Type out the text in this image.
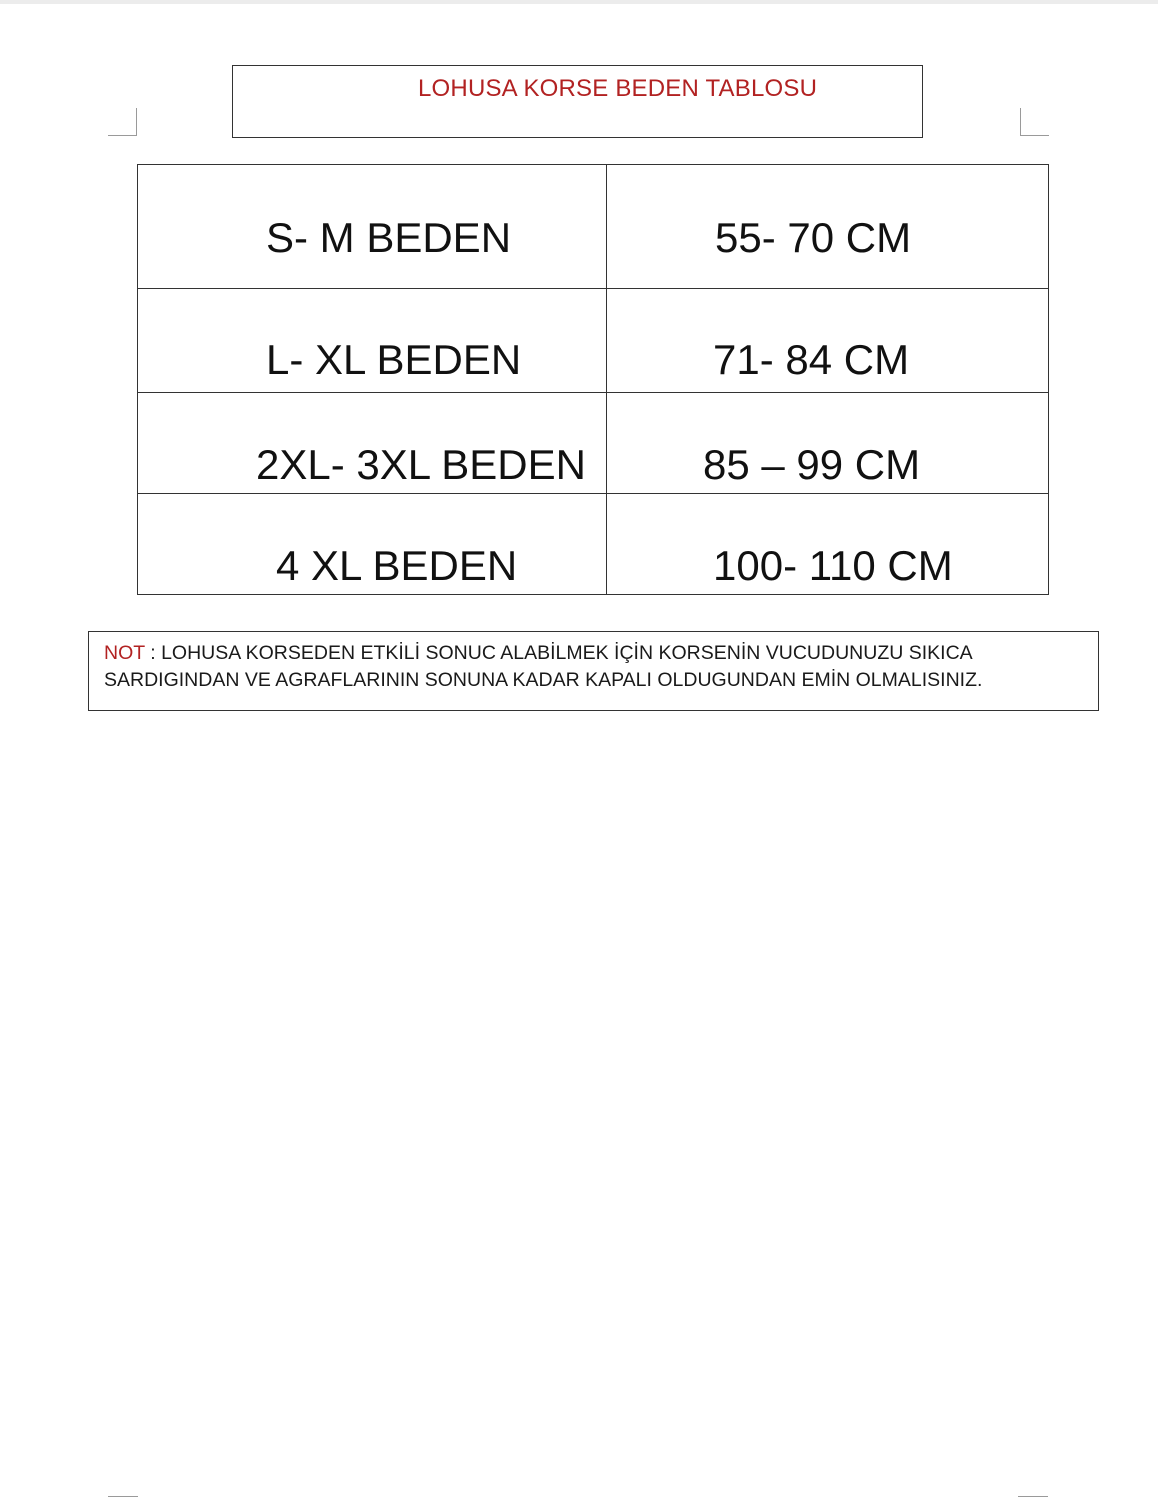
LOHUSA KORSE BEDEN TABLOSU
S- M BEDEN	55- 70 CM
L- XL BEDEN	71- 84 CM
2XL- 3XL BEDEN	85 – 99 CM
4 XL BEDEN	100- 110 CM
NOT : LOHUSA KORSEDEN ETKİLİ SONUC ALABİLMEK İÇİN KORSENİN VUCUDUNUZU SIKICA
SARDIGINDAN VE AGRAFLARININ SONUNA KADAR KAPALI OLDUGUNDAN EMİN OLMALISINIZ.
